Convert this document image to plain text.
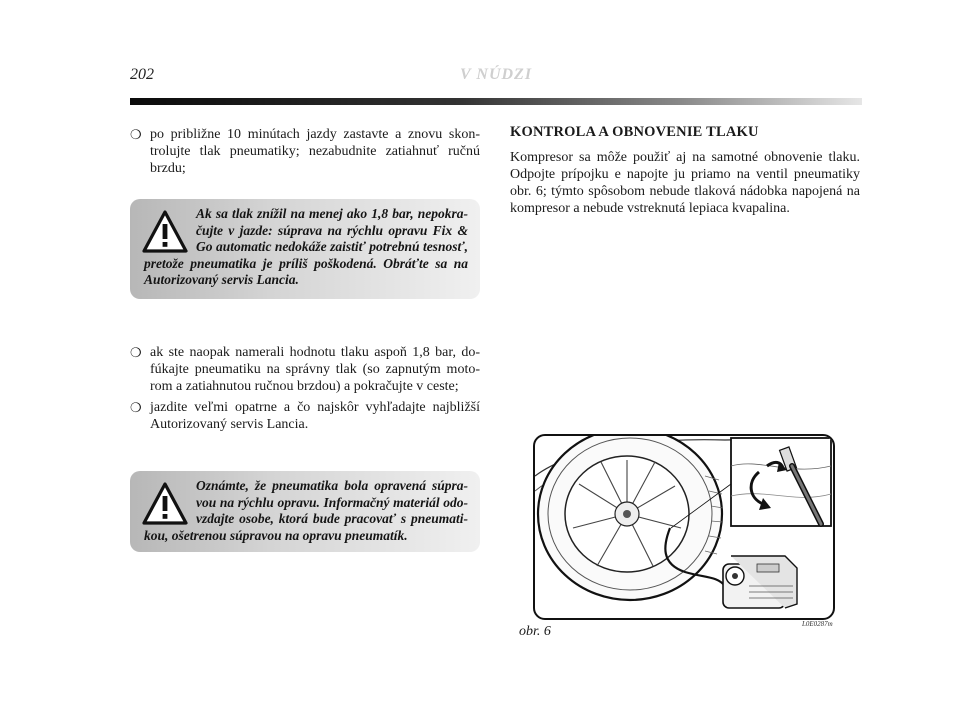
202	V NÚDZI
❍ po približne 10 minútach jazdy zastavte a znovu skon-trolujte tlak pneumatiky; nezabudnite zatiahnuť ručnú brzdu;
Ak sa tlak znížil na menej ako 1,8 bar, nepokra-čujte v jazde: súprava na rýchlu opravu Fix & Go automatic nedokáže zaistiť potrebnú tesnosť, pretože pneumatika je príliš poškodená. Obráťte sa na Autorizovaný servis Lancia.
❍ ak ste naopak namerali hodnotu tlaku aspoň 1,8 bar, do-fúkajte pneumatiku na správny tlak (so zapnutým moto-rom a zatiahnutou ručnou brzdou) a pokračujte v ceste;
❍ jazdite veľmi opatrne a čo najskôr vyhľadajte najbližší Autorizovaný servis Lancia.
Oznámte, že pneumatika bola opravená súpra-vou na rýchlu opravu. Informačný materiál odo-vzdajte osobe, ktorá bude pracovať s pneumati-kou, ošetrenou súpravou na opravu pneumatík.
KONTROLA A OBNOVENIE TLAKU
Kompresor sa môže použiť aj na samotné obnovenie tlaku. Odpojte prípojku e napojte ju priamo na ventil pneumatiky obr. 6; týmto spôsobom nebude tlaková nádobka napojená na kompresor a nebude vstreknutá lepiaca kvapalina.
obr. 6	L0E0287m
